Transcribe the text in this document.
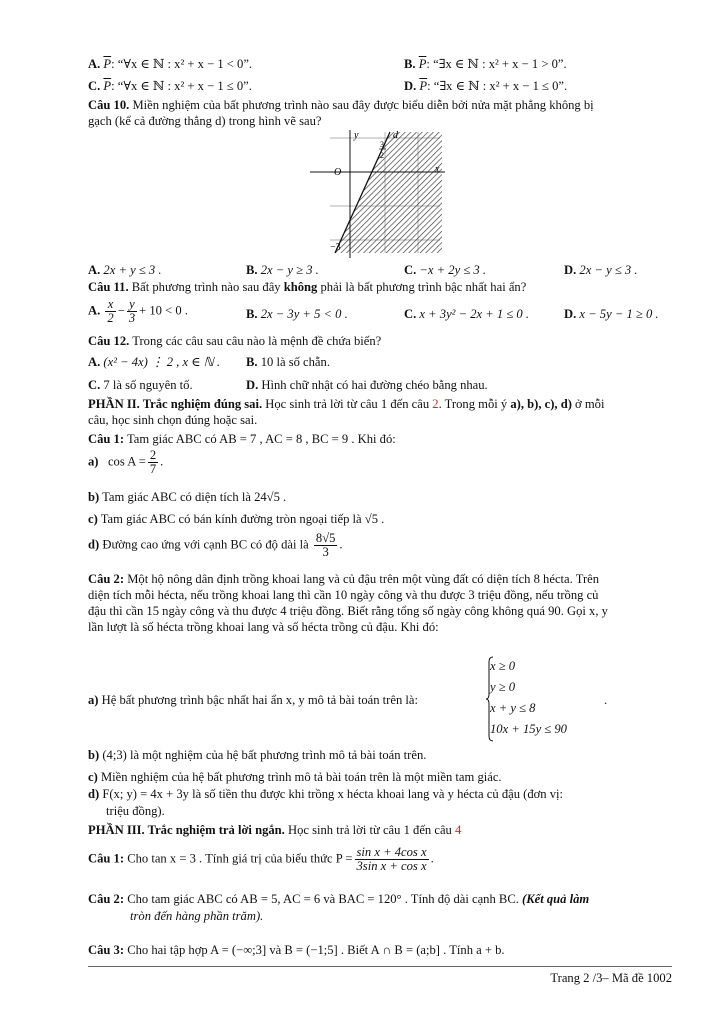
A. $\overline{P}$: “∀x ∈ ℕ : x² + x − 1 < 0”.	B. $\overline{P}$: “∃x ∈ ℕ : x² + x − 1 > 0”.
C. $\overline{P}$: “∀x ∈ ℕ : x² + x − 1 ≤ 0”.	D. $\overline{P}$: “∃x ∈ ℕ : x² + x − 1 ≤ 0”.
Câu 10. Miền nghiệm của bất phương trình nào sau đây được biểu diễn bởi nửa mặt phẳng không bị
gạch (kể cả đường thẳng d) trong hình vẽ sau?
y
x
O
3
2
−3
d
A. 2x + y ≤ 3 .	B. 2x − y ≥ 3 .	C. −x + 2y ≤ 3 .	D. 2x − y ≤ 3 .
Câu 11. Bất phương trình nào sau đây không phải là bất phương trình bậc nhất hai ẩn?
A. $\frac{x}{2} - \frac{y}{3} + 10 < 0$ .	B. 2x − 3y + 5 < 0 .	C. x + 3y² − 2x + 1 ≤ 0 .	D. x − 5y − 1 ≥ 0 .
Câu 12. Trong các câu sau câu nào là mệnh đề chứa biến?
A. (x² − 4x) ⋮ 2 , x ∈ ℕ . B. 10 là số chẵn.
C. 7 là số nguyên tố.	D. Hình chữ nhật có hai đường chéo bằng nhau.
PHẦN II. Trắc nghiệm đúng sai. Học sinh trả lời từ câu 1 đến câu 2. Trong mỗi ý a), b), c), d) ở mỗi
câu, học sinh chọn đúng hoặc sai.
Câu 1: Tam giác ABC có AB = 7 , AC = 8 , BC = 9 . Khi đó:
a) $\cos A = \frac{2}{7}$ .
b) Tam giác ABC có diện tích là 24√5 .
c) Tam giác ABC có bán kính đường tròn ngoại tiếp là √5 .
d) Đường cao ứng với cạnh BC có độ dài là $\frac{8√5}{3}$ .
Câu 2: Một hộ nông dân định trồng khoai lang và củ đậu trên một vùng đất có diện tích 8 hécta. Trên
diện tích mỗi hécta, nếu trồng khoai lang thì cần 10 ngày công và thu được 3 triệu đồng, nếu trồng củ
đậu thì cần 15 ngày công và thu được 4 triệu đồng. Biết rằng tổng số ngày công không quá 90. Gọi x, y
lần lượt là số hécta trồng khoai lang và số hécta trồng củ đậu. Khi đó:
a) Hệ bất phương trình bậc nhất hai ẩn x, y mô tả bài toán trên là:
x ≥ 0
y ≥ 0
x + y ≤ 8
10x + 15y ≤ 90
.
b) (4;3) là một nghiệm của hệ bất phương trình mô tả bài toán trên.
c) Miền nghiệm của hệ bất phương trình mô tả bài toán trên là một miền tam giác.
d) F(x; y) = 4x + 3y là số tiền thu được khi trồng x hécta khoai lang và y hécta củ đậu (đơn vị:
triệu đồng).
PHẦN III. Trắc nghiệm trả lời ngắn. Học sinh trả lời từ câu 1 đến câu 4
Câu 1: Cho tan x = 3 . Tính giá trị của biểu thức $P = \frac{\text{sin x + 4cos x}}{\text{3sin x + cos x}}$ .
Câu 2: Cho tam giác ABC có AB = 5, AC = 6 và BAC = 120° . Tính độ dài cạnh BC. (Kết quả làm
tròn đến hàng phần trăm).
Câu 3: Cho hai tập hợp A = (−∞;3] và B = (−1;5] . Biết A ∩ B = (a;b] . Tính a + b.
Trang 2 /3– Mã đề 1002
